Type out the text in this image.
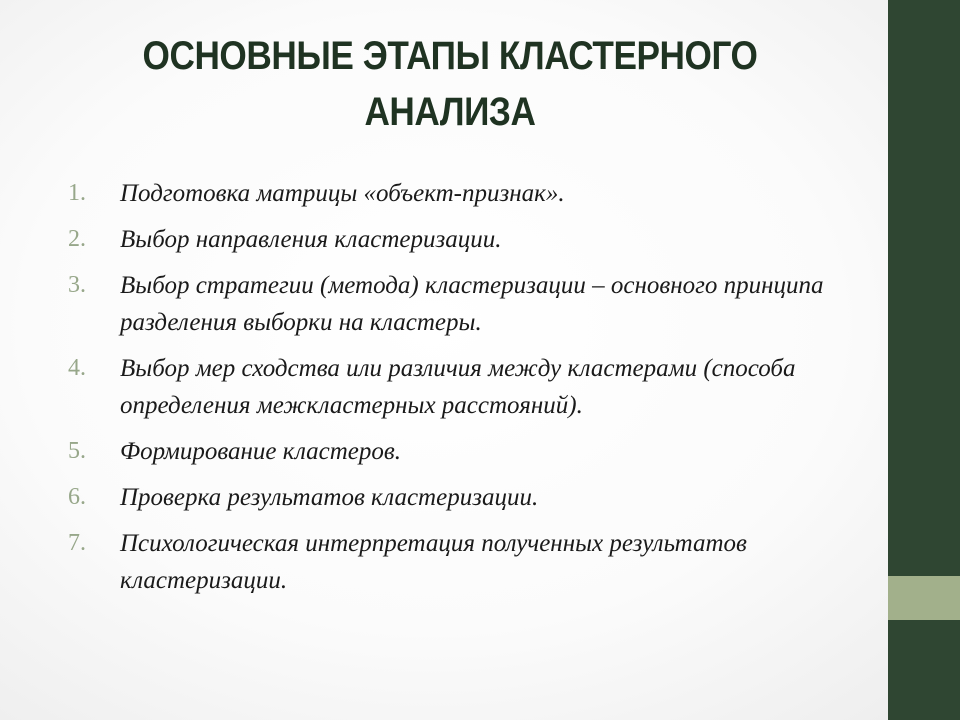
ОСНОВНЫЕ ЭТАПЫ КЛАСТЕРНОГО
АНАЛИЗА
1.	Подготовка матрицы «объект-признак».
2.	Выбор направления кластеризации.
3.	Выбор стратегии (метода) кластеризации – основного принципа разделения выборки на кластеры.
4.	Выбор мер сходства или различия между кластерами (способа определения межкластерных расстояний).
5.	Формирование кластеров.
6.	Проверка результатов кластеризации.
7.	Психологическая интерпретация полученных результатов кластеризации.
